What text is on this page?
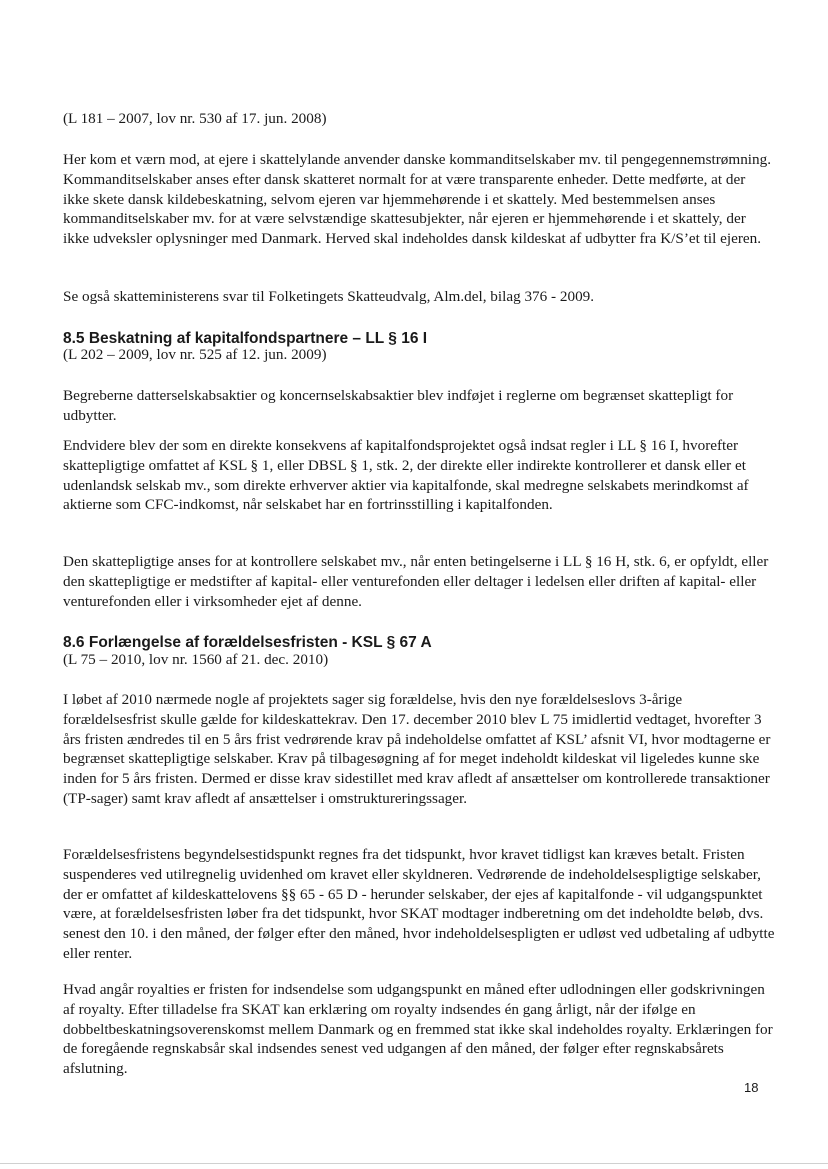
(L 181 – 2007, lov nr. 530 af 17. jun. 2008)

Her kom et værn mod, at ejere i skattelylande anvender danske kommanditselskaber mv. til pengegennemstrømning. Kommanditselskaber anses efter dansk skatteret normalt for at være transparente enheder. Dette medførte, at der ikke skete dansk kildebeskatning, selvom ejeren var hjemmehørende i et skattely. Med bestemmelsen anses kommanditselskaber mv. for at være selvstændige skattesubjekter, når ejeren er hjemmehørende i et skattely, der ikke udveksler oplysninger med Danmark. Herved skal indeholdes dansk kildeskat af udbytter fra K/S’et til ejeren.

Se også skatteministerens svar til Folketingets Skatteudvalg, Alm.del, bilag 376 - 2009.

8.5 Beskatning af kapitalfondspartnere – LL § 16 I

(L 202 – 2009, lov nr. 525 af 12. jun. 2009)

Begreberne datterselskabsaktier og koncernselskabsaktier blev indføjet i reglerne om begrænset skattepligt for udbytter.

Endvidere blev der som en direkte konsekvens af kapitalfondsprojektet også indsat regler i LL § 16 I, hvorefter skattepligtige omfattet af KSL § 1, eller DBSL § 1, stk. 2, der direkte eller indirekte kontrollerer et dansk eller et udenlandsk selskab mv., som direkte erhverver aktier via kapitalfonde, skal medregne selskabets merindkomst af aktierne som CFC-indkomst, når selskabet har en fortrinsstilling i kapitalfonden.

Den skattepligtige anses for at kontrollere selskabet mv., når enten betingelserne i LL § 16 H, stk. 6, er opfyldt, eller den skattepligtige er medstifter af kapital- eller venturefonden eller deltager i ledelsen eller driften af kapital- eller venturefonden eller i virksomheder ejet af denne.

8.6 Forlængelse af forældelsesfristen - KSL § 67 A

(L 75 – 2010, lov nr. 1560 af 21. dec. 2010)

I løbet af 2010 nærmede nogle af projektets sager sig forældelse, hvis den nye forældelseslovs 3-årige forældelsesfrist skulle gælde for kildeskattekrav. Den 17. december 2010 blev L 75 imidlertid vedtaget, hvorefter 3 års fristen ændredes til en 5 års frist vedrørende krav på indeholdelse omfattet af KSL’ afsnit VI, hvor modtagerne er begrænset skattepligtige selskaber. Krav på tilbagesøgning af for meget indeholdt kildeskat vil ligeledes kunne ske inden for 5 års fristen. Dermed er disse krav sidestillet med krav afledt af ansættelser om kontrollerede transaktioner (TP-sager) samt krav afledt af ansættelser i omstruktureringssager.

Forældelsesfristens begyndelsestidspunkt regnes fra det tidspunkt, hvor kravet tidligst kan kræves betalt. Fristen suspenderes ved utilregnelig uvidenhed om kravet eller skyldneren. Vedrørende de indeholdelsespligtige selskaber, der er omfattet af kildeskattelovens §§ 65 - 65 D - herunder selskaber, der ejes af kapitalfonde - vil udgangspunktet være, at forældelsesfristen løber fra det tidspunkt, hvor SKAT modtager indberetning om det indeholdte beløb, dvs. senest den 10. i den måned, der følger efter den måned, hvor indeholdelsespligten er udløst ved udbetaling af udbytte eller renter.

Hvad angår royalties er fristen for indsendelse som udgangspunkt en måned efter udlodningen eller godskrivningen af royalty. Efter tilladelse fra SKAT kan erklæring om royalty indsendes én gang årligt, når der ifølge en dobbeltbeskatningsoverenskomst mellem Danmark og en fremmed stat ikke skal indeholdes royalty. Erklæringen for de foregående regnskabsår skal indsendes senest ved udgangen af den måned, der følger efter regnskabsårets afslutning.

18
